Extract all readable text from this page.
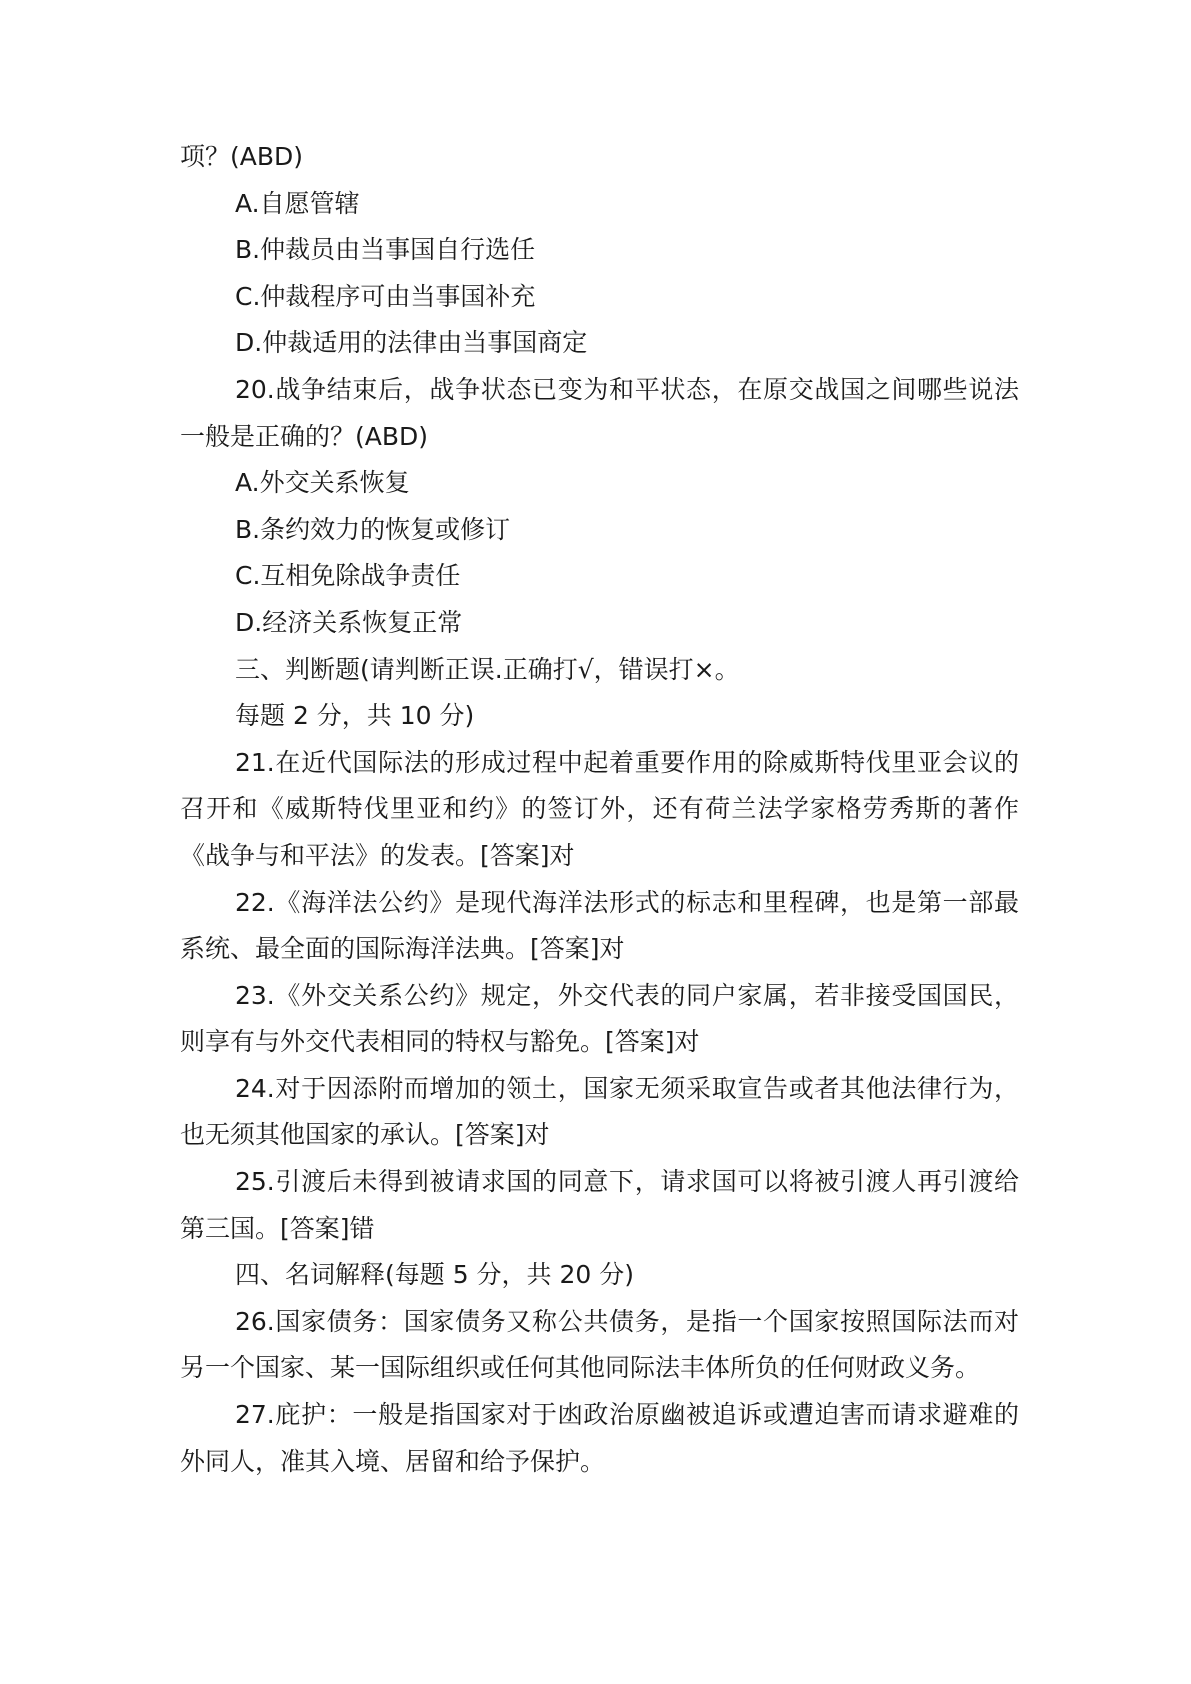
项？(ABD)

A.自愿管辖

B.仲裁员由当事国自行选任

C.仲裁程序可由当事国补充

D.仲裁适用的法律由当事国商定

20.战争结束后，战争状态已变为和平状态，在原交战国之间哪些说法一般是正确的？(ABD)

A.外交关系恢复

B.条约效力的恢复或修订

C.互相免除战争责任

D.经济关系恢复正常

三、判断题(请判断正误.正确打√，错误打×。

每题 2 分，共 10 分)

21.在近代国际法的形成过程中起着重要作用的除威斯特伐里亚会议的召开和《威斯特伐里亚和约》的签订外，还有荷兰法学家格劳秀斯的著作《战争与和平法》的发表。[答案]对

22.《海洋法公约》是现代海洋法形式的标志和里程碑，也是第一部最系统、最全面的国际海洋法典。[答案]对

23.《外交关系公约》规定，外交代表的同户家属，若非接受国国民，则享有与外交代表相同的特权与豁免。[答案]对

24.对于因添附而增加的领土，国家无须采取宣告或者其他法律行为，也无须其他国家的承认。[答案]对

25.引渡后未得到被请求国的同意下，请求国可以将被引渡人再引渡给第三国。[答案]错

四、名词解释(每题 5 分，共 20 分)

26.国家债务：国家债务又称公共债务，是指一个国家按照国际法而对另一个国家、某一国际组织或任何其他同际法丰体所负的任何财政义务。

27.庇护：一般是指国家对于凼政治原幽被追诉或遭迫害而请求避难的外同人，准其入境、居留和给予保护。
